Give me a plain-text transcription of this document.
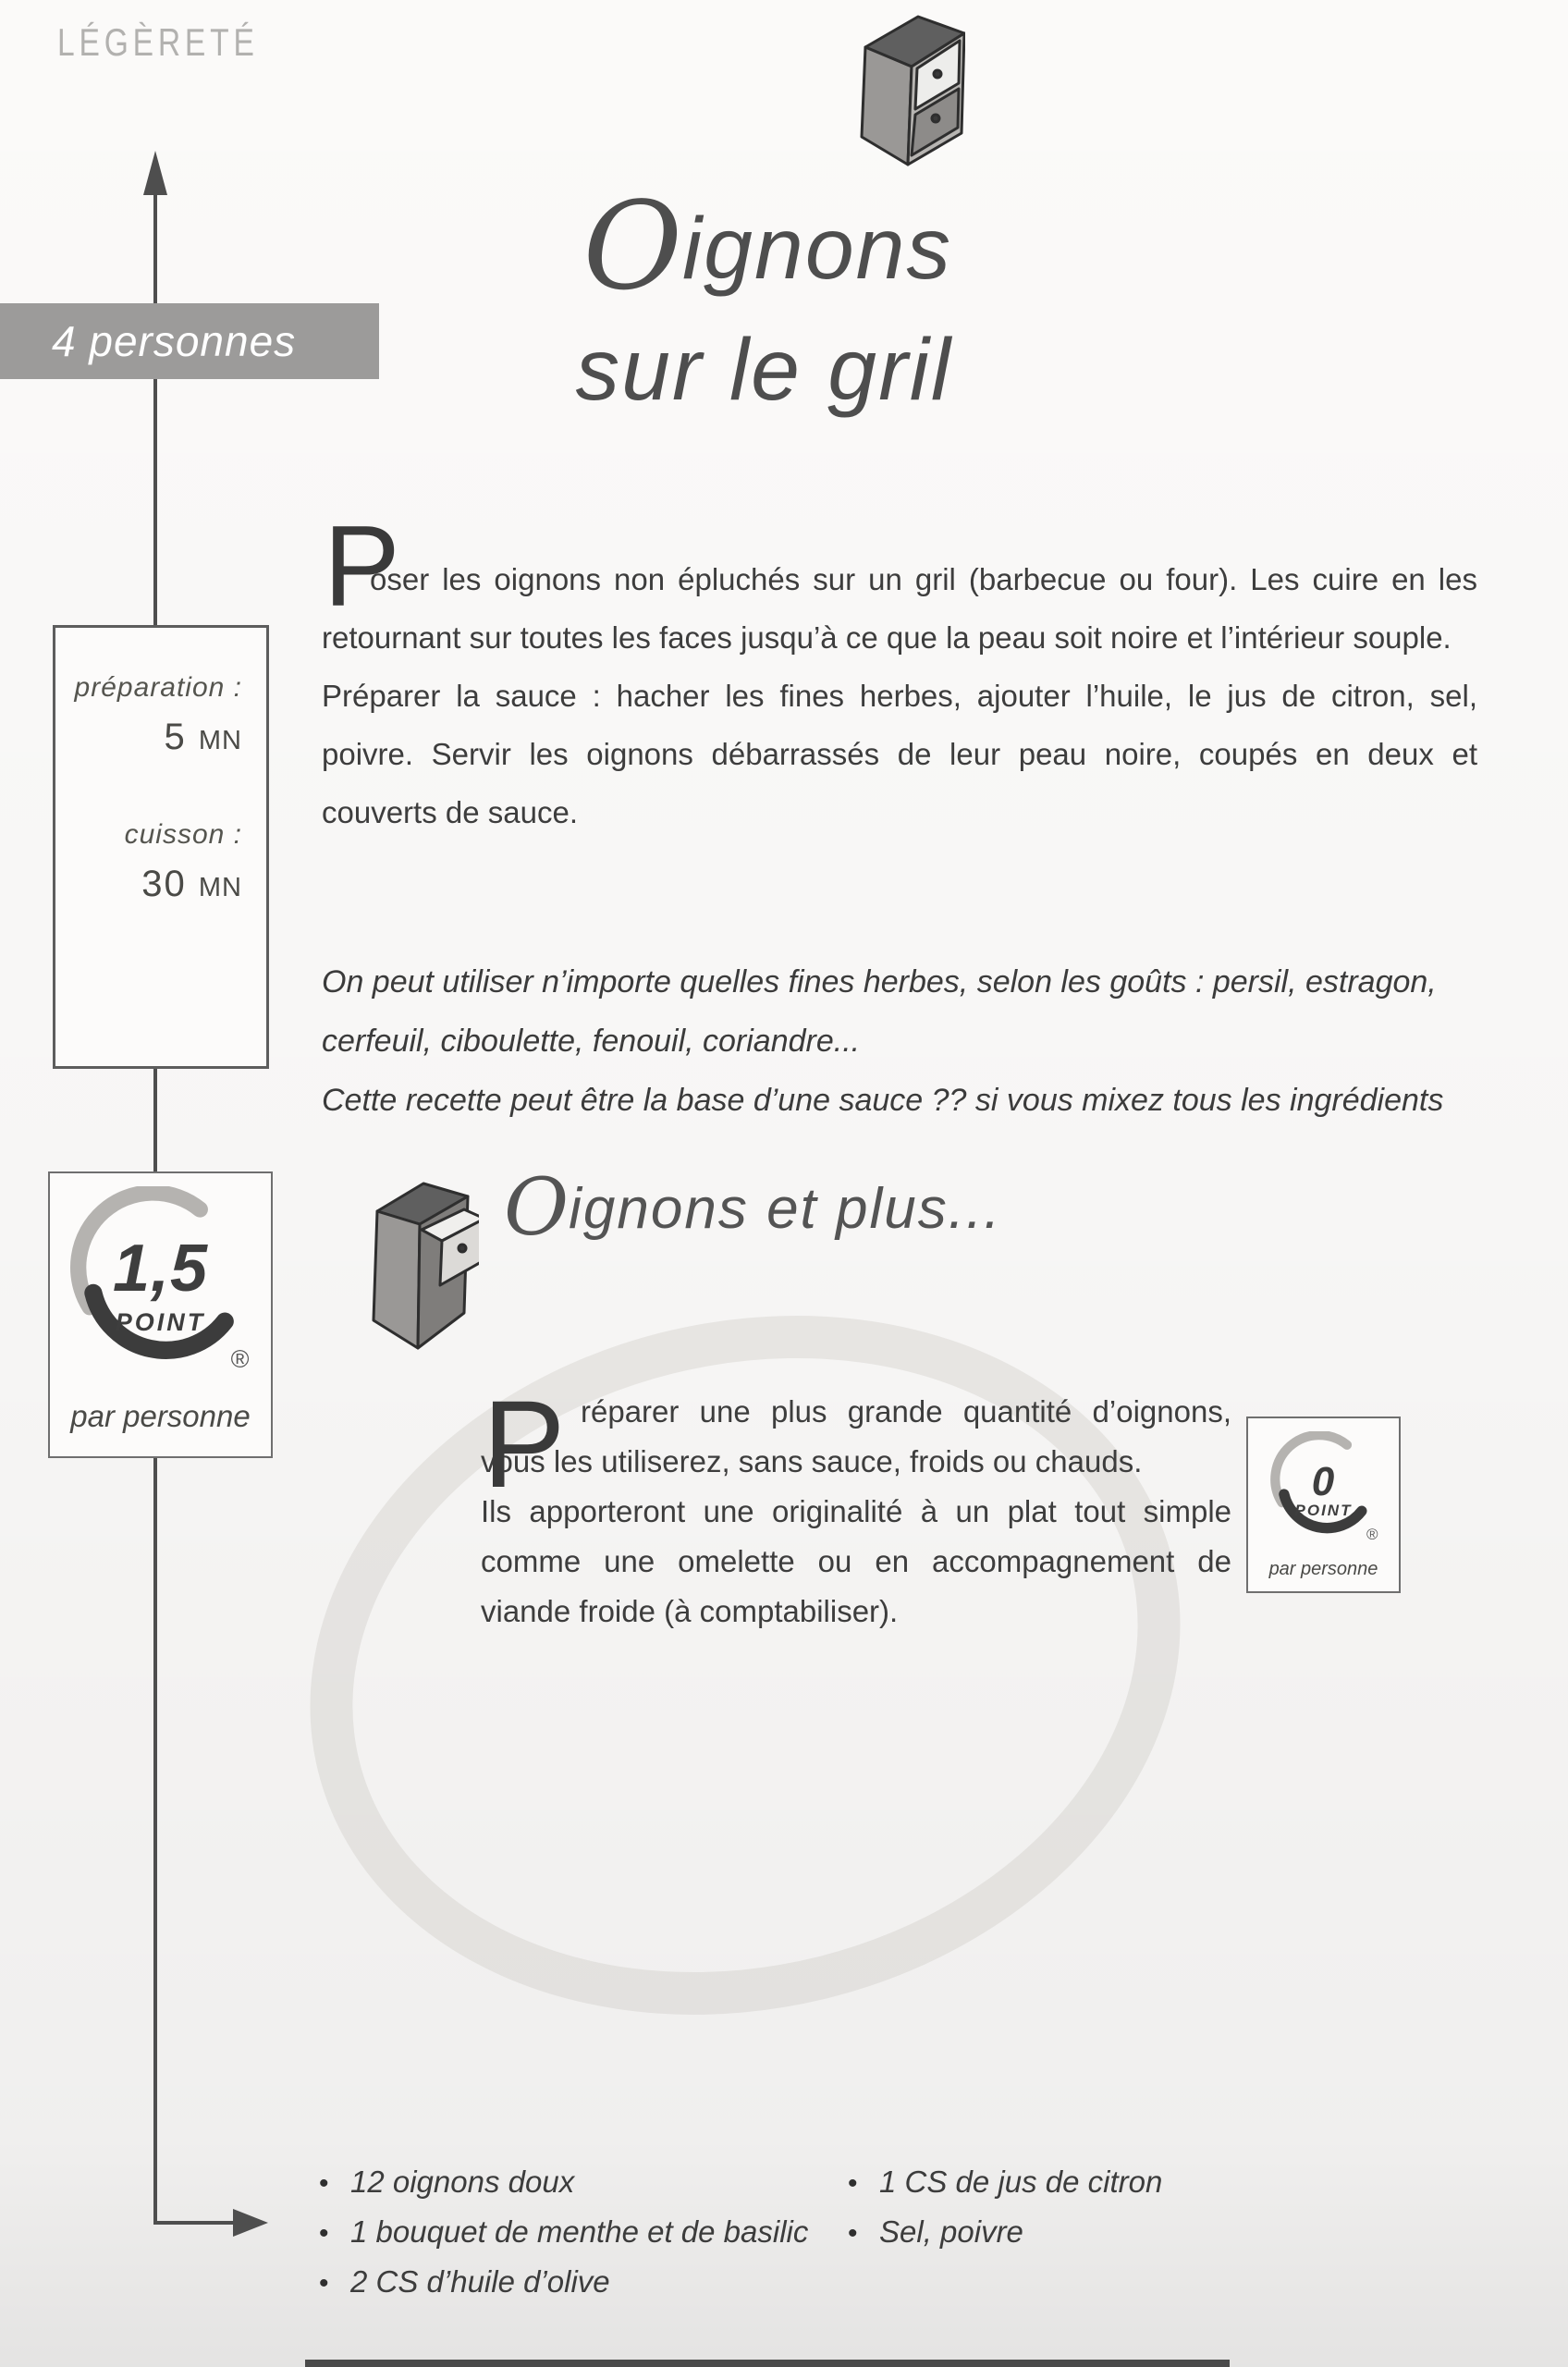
LÉGÈRETÉ
4 personnes
préparation :
5 MN
cuisson :
30 MN
1,5
POINT
®
par personne
0
POINT
®
par personne
Oignons
sur le gril
P

oser les oignons non épluchés sur un gril (barbecue ou four). Les cuire en les retournant sur toutes les faces jusqu’à ce que la peau soit noire et l’intérieur souple.

Préparer la sauce : hacher les fines herbes, ajouter l’huile, le jus de citron, sel, poivre. Servir les oignons débarrassés de leur peau noire, coupés en deux et couverts de sauce.

On peut utiliser n’importe quelles fines herbes, selon les goûts : persil, estragon, cerfeuil, ciboulette, fenouil, coriandre...

Cette recette peut être la base d’une sauce ?? si vous mixez tous les ingrédients

Oignons et plus...
P réparer une plus grande quantité d’oignons, vous les utiliserez, sans sauce, froids ou chauds.

Ils apporteront une originalité à un plat tout simple comme une omelette ou en accompagnement de viande froide (à comptabiliser).

• 12 oignons doux
• 1 bouquet de menthe et de basilic
• 2 CS d’huile d’olive
• 1 CS de jus de citron
• Sel, poivre
